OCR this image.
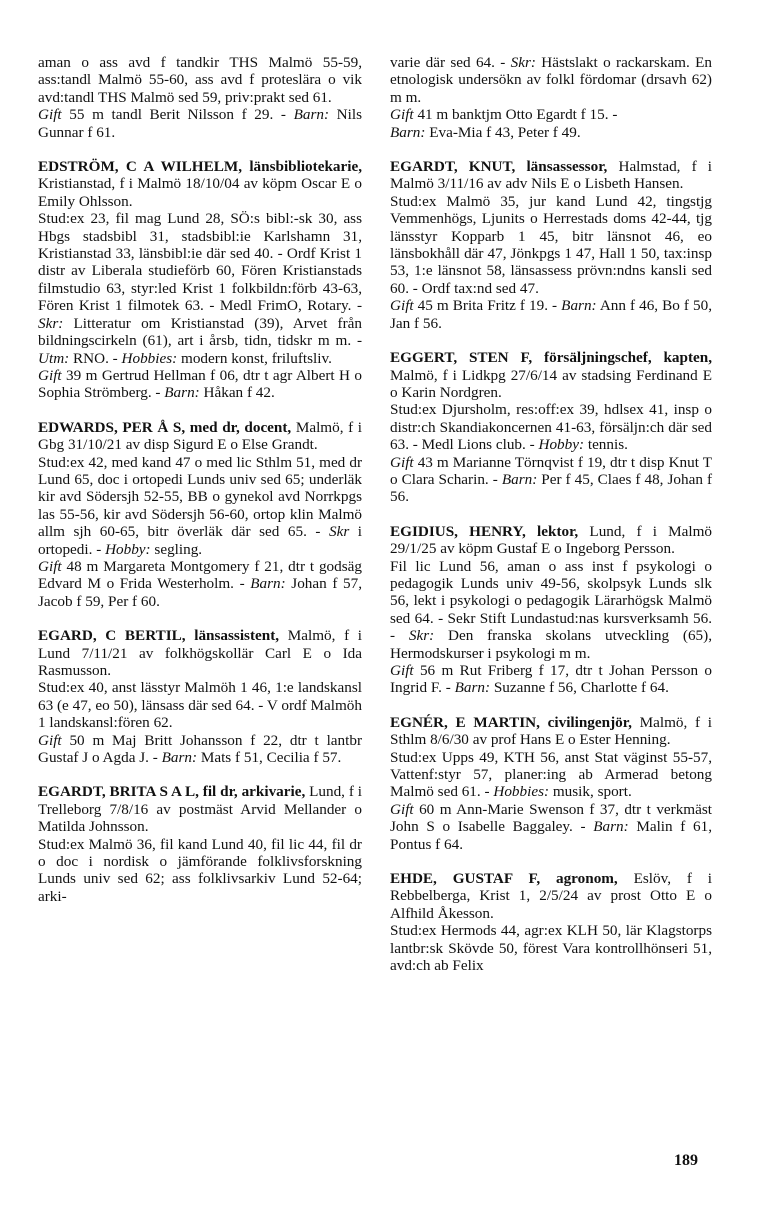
aman o ass avd f tandkir THS Malmö 55-59, ass:tandl Malmö 55-60, ass avd f proteslära o vik avd:tandl THS Malmö sed 59, priv:prakt sed 61.

Gift 55 m tandl Berit Nilsson f 29. - Barn: Nils Gunnar f 61.

EDSTRÖM, C A WILHELM, länsbibliotekarie, Kristianstad, f i Malmö 18/10/04 av köpm Oscar E o Emily Ohlsson.

Stud:ex 23, fil mag Lund 28, SÖ:s bibl:-sk 30, ass Hbgs stadsbibl 31, stadsbibl:ie Karlshamn 31, Kristianstad 33, länsbibl:ie där sed 40. - Ordf Krist 1 distr av Liberala studieförb 60, Fören Kristianstads filmstudio 63, styr:led Krist 1 folkbildn:förb 43-63, Fören Krist 1 filmotek 63. - Medl FrimO, Rotary. - Skr: Litteratur om Kristianstad (39), Arvet från bildningscirkeln (61), art i årsb, tidn, tidskr m m. - Utm: RNO. - Hobbies: modern konst, friluftsliv.

Gift 39 m Gertrud Hellman f 06, dtr t agr Albert H o Sophia Strömberg. - Barn: Håkan f 42.

EDWARDS, PER Å S, med dr, docent, Malmö, f i Gbg 31/10/21 av disp Sigurd E o Else Grandt.

Stud:ex 42, med kand 47 o med lic Sthlm 51, med dr Lund 65, doc i ortopedi Lunds univ sed 65; underläk kir avd Södersjh 52-55, BB o gynekol avd Norrkpgs las 55-56, kir avd Södersjh 56-60, ortop klin Malmö allm sjh 60-65, bitr överläk där sed 65. - Skr i ortopedi. - Hobby: segling.

Gift 48 m Margareta Montgomery f 21, dtr t godsäg Edvard M o Frida Westerholm. - Barn: Johan f 57, Jacob f 59, Per f 60.

EGARD, C BERTIL, länsassistent, Malmö, f i Lund 7/11/21 av folkhögskollär Carl E o Ida Rasmusson.

Stud:ex 40, anst lässtyr Malmöh 1 46, 1:e landskansl 63 (e 47, eo 50), länsass där sed 64. - V ordf Malmöh 1 landskansl:fören 62.

Gift 50 m Maj Britt Johansson f 22, dtr t lantbr Gustaf J o Agda J. - Barn: Mats f 51, Cecilia f 57.

EGARDT, BRITA S A L, fil dr, arkivarie, Lund, f i Trelleborg 7/8/16 av postmäst Arvid Mellander o Matilda Johnsson.

Stud:ex Malmö 36, fil kand Lund 40, fil lic 44, fil dr o doc i nordisk o jämförande folklivsforskning Lunds univ sed 62; ass folklivsarkiv Lund 52-64; arki-

varie där sed 64. - Skr: Hästslakt o rackarskam. En etnologisk undersökn av folkl fördomar (drsavh 62) m m.

Gift 41 m banktjm Otto Egardt f 15. -

Barn: Eva-Mia f 43, Peter f 49.

EGARDT, KNUT, länsassessor, Halmstad, f i Malmö 3/11/16 av adv Nils E o Lisbeth Hansen.

Stud:ex Malmö 35, jur kand Lund 42, tingstjg Vemmenhögs, Ljunits o Herrestads doms 42-44, tjg länsstyr Kopparb 1 45, bitr länsnot 46, eo länsbokhåll där 47, Jönkpgs 1 47, Hall 1 50, tax:insp 53, 1:e länsnot 58, länsassess prövn:ndns kansli sed 60. - Ordf tax:nd sed 47.

Gift 45 m Brita Fritz f 19. - Barn: Ann f 46, Bo f 50, Jan f 56.

EGGERT, STEN F, försäljningschef, kapten, Malmö, f i Lidkpg 27/6/14 av stadsing Ferdinand E o Karin Nordgren.

Stud:ex Djursholm, res:off:ex 39, hdlsex 41, insp o distr:ch Skandiakoncernen 41-63, försäljn:ch där sed 63. - Medl Lions club. - Hobby: tennis.

Gift 43 m Marianne Törnqvist f 19, dtr t disp Knut T o Clara Scharin. - Barn: Per f 45, Claes f 48, Johan f 56.

EGIDIUS, HENRY, lektor, Lund, f i Malmö 29/1/25 av köpm Gustaf E o Ingeborg Persson.

Fil lic Lund 56, aman o ass inst f psykologi o pedagogik Lunds univ 49-56, skolpsyk Lunds slk 56, lekt i psykologi o pedagogik Lärarhögsk Malmö sed 64. - Sekr Stift Lundastud:nas kursverksamh 56. - Skr: Den franska skolans utveckling (65), Hermodskurser i psykologi m m.

Gift 56 m Rut Friberg f 17, dtr t Johan Persson o Ingrid F. - Barn: Suzanne f 56, Charlotte f 64.

EGNÉR, E MARTIN, civilingenjör, Malmö, f i Sthlm 8/6/30 av prof Hans E o Ester Henning.

Stud:ex Upps 49, KTH 56, anst Stat väginst 55-57, Vattenf:styr 57, planer:ing ab Armerad betong Malmö sed 61. - Hobbies: musik, sport.

Gift 60 m Ann-Marie Swenson f 37, dtr t verkmäst John S o Isabelle Baggaley. - Barn: Malin f 61, Pontus f 64.

EHDE, GUSTAF F, agronom, Eslöv, f i Rebbelberga, Krist 1, 2/5/24 av prost Otto E o Alfhild Åkesson.

Stud:ex Hermods 44, agr:ex KLH 50, lär Klagstorps lantbr:sk Skövde 50, förest Vara kontrollhönseri 51, avd:ch ab Felix

189
